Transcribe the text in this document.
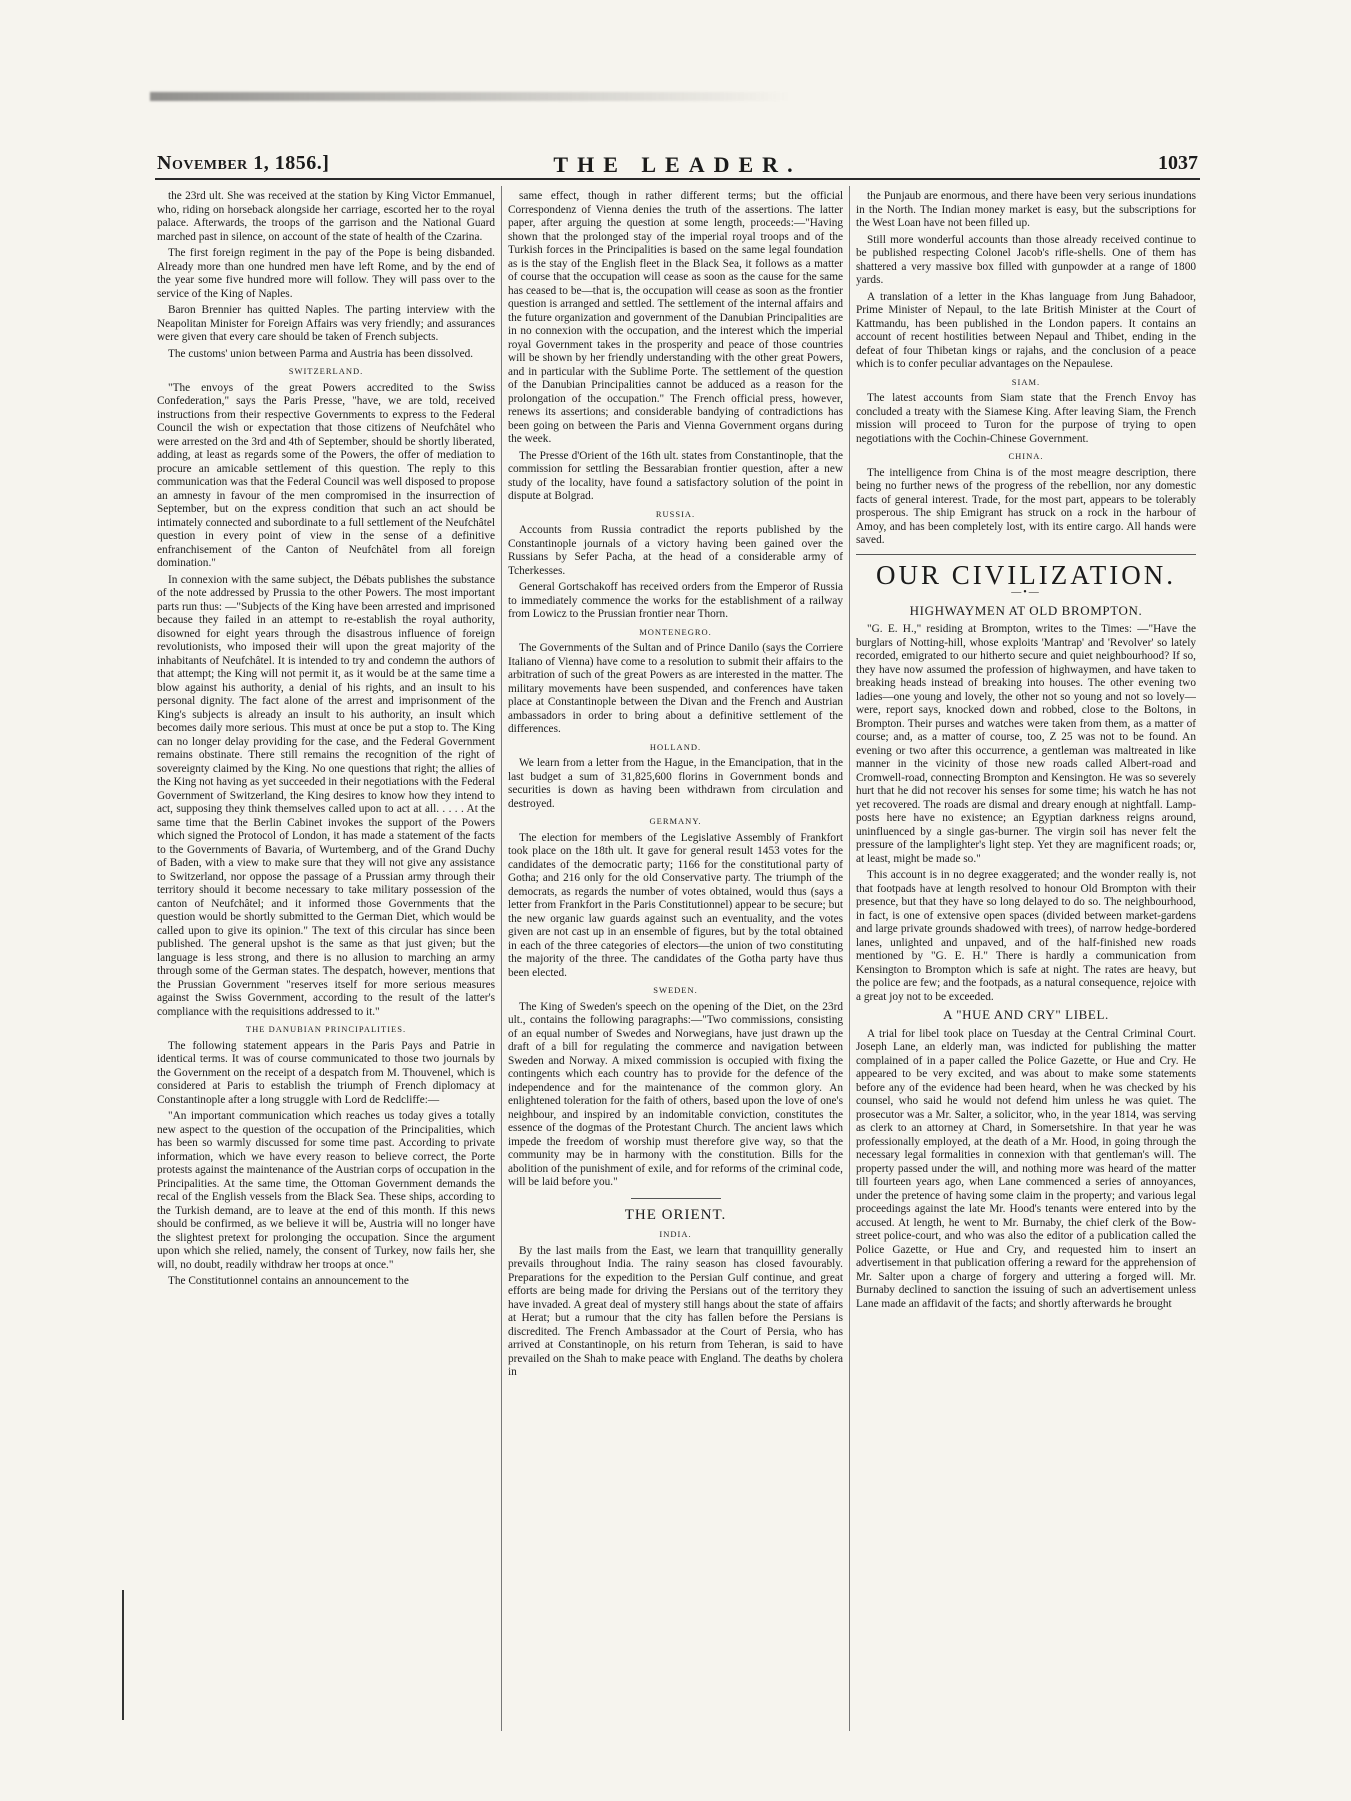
November 1, 1856.]	THE LEADER.	1037

the 23rd ult. She was received at the station by King Victor Emmanuel, who, riding on horseback alongside her carriage, escorted her to the royal palace. Afterwards, the troops of the garrison and the National Guard marched past in silence, on account of the state of health of the Czarina.

The first foreign regiment in the pay of the Pope is being disbanded. Already more than one hundred men have left Rome, and by the end of the year some five hundred more will follow. They will pass over to the service of the King of Naples.

Baron Brennier has quitted Naples. The parting interview with the Neapolitan Minister for Foreign Affairs was very friendly; and assurances were given that every care should be taken of French subjects.

The customs' union between Parma and Austria has been dissolved.

SWITZERLAND.

"The envoys of the great Powers accredited to the Swiss Confederation," says the Paris Presse, "have, we are told, received instructions from their respective Governments to express to the Federal Council the wish or expectation that those citizens of Neufchâtel who were arrested on the 3rd and 4th of September, should be shortly liberated, adding, at least as regards some of the Powers, the offer of mediation to procure an amicable settlement of this question. The reply to this communication was that the Federal Council was well disposed to propose an amnesty in favour of the men compromised in the insurrection of September, but on the express condition that such an act should be intimately connected and subordinate to a full settlement of the Neufchâtel question in every point of view in the sense of a definitive enfranchisement of the Canton of Neufchâtel from all foreign domination."

In connexion with the same subject, the Débats publishes the substance of the note addressed by Prussia to the other Powers. The most important parts run thus: —"Subjects of the King have been arrested and imprisoned because they failed in an attempt to re-establish the royal authority, disowned for eight years through the disastrous influence of foreign revolutionists, who imposed their will upon the great majority of the inhabitants of Neufchâtel. It is intended to try and condemn the authors of that attempt; the King will not permit it, as it would be at the same time a blow against his authority, a denial of his rights, and an insult to his personal dignity. The fact alone of the arrest and imprisonment of the King's subjects is already an insult to his authority, an insult which becomes daily more serious. This must at once be put a stop to. The King can no longer delay providing for the case, and the Federal Government remains obstinate. There still remains the recognition of the right of sovereignty claimed by the King. No one questions that right; the allies of the King not having as yet succeeded in their negotiations with the Federal Government of Switzerland, the King desires to know how they intend to act, supposing they think themselves called upon to act at all. . . . . At the same time that the Berlin Cabinet invokes the support of the Powers which signed the Protocol of London, it has made a statement of the facts to the Governments of Bavaria, of Wurtemberg, and of the Grand Duchy of Baden, with a view to make sure that they will not give any assistance to Switzerland, nor oppose the passage of a Prussian army through their territory should it become necessary to take military possession of the canton of Neufchâtel; and it informed those Governments that the question would be shortly submitted to the German Diet, which would be called upon to give its opinion." The text of this circular has since been published. The general upshot is the same as that just given; but the language is less strong, and there is no allusion to marching an army through some of the German states. The despatch, however, mentions that the Prussian Government "reserves itself for more serious measures against the Swiss Government, according to the result of the latter's compliance with the requisitions addressed to it."

THE DANUBIAN PRINCIPALITIES.

The following statement appears in the Paris Pays and Patrie in identical terms. It was of course communicated to those two journals by the Government on the receipt of a despatch from M. Thouvenel, which is considered at Paris to establish the triumph of French diplomacy at Constantinople after a long struggle with Lord de Redcliffe:—

"An important communication which reaches us today gives a totally new aspect to the question of the occupation of the Principalities, which has been so warmly discussed for some time past. According to private information, which we have every reason to believe correct, the Porte protests against the maintenance of the Austrian corps of occupation in the Principalities. At the same time, the Ottoman Government demands the recal of the English vessels from the Black Sea. These ships, according to the Turkish demand, are to leave at the end of this month. If this news should be confirmed, as we believe it will be, Austria will no longer have the slightest pretext for prolonging the occupation. Since the argument upon which she relied, namely, the consent of Turkey, now fails her, she will, no doubt, readily withdraw her troops at once."

The Constitutionnel contains an announcement to the

same effect, though in rather different terms; but the official Correspondenz of Vienna denies the truth of the assertions. The latter paper, after arguing the question at some length, proceeds:—"Having shown that the prolonged stay of the imperial royal troops and of the Turkish forces in the Principalities is based on the same legal foundation as is the stay of the English fleet in the Black Sea, it follows as a matter of course that the occupation will cease as soon as the cause for the same has ceased to be—that is, the occupation will cease as soon as the frontier question is arranged and settled. The settlement of the internal affairs and the future organization and government of the Danubian Principalities are in no connexion with the occupation, and the interest which the imperial royal Government takes in the prosperity and peace of those countries will be shown by her friendly understanding with the other great Powers, and in particular with the Sublime Porte. The settlement of the question of the Danubian Principalities cannot be adduced as a reason for the prolongation of the occupation." The French official press, however, renews its assertions; and considerable bandying of contradictions has been going on between the Paris and Vienna Government organs during the week.

The Presse d'Orient of the 16th ult. states from Constantinople, that the commission for settling the Bessarabian frontier question, after a new study of the locality, have found a satisfactory solution of the point in dispute at Bolgrad.

RUSSIA.

Accounts from Russia contradict the reports published by the Constantinople journals of a victory having been gained over the Russians by Sefer Pacha, at the head of a considerable army of Tcherkesses.

General Gortschakoff has received orders from the Emperor of Russia to immediately commence the works for the establishment of a railway from Lowicz to the Prussian frontier near Thorn.

MONTENEGRO.

The Governments of the Sultan and of Prince Danilo (says the Corriere Italiano of Vienna) have come to a resolution to submit their affairs to the arbitration of such of the great Powers as are interested in the matter. The military movements have been suspended, and conferences have taken place at Constantinople between the Divan and the French and Austrian ambassadors in order to bring about a definitive settlement of the differences.

HOLLAND.

We learn from a letter from the Hague, in the Emancipation, that in the last budget a sum of 31,825,600 florins in Government bonds and securities is down as having been withdrawn from circulation and destroyed.

GERMANY.

The election for members of the Legislative Assembly of Frankfort took place on the 18th ult. It gave for general result 1453 votes for the candidates of the democratic party; 1166 for the constitutional party of Gotha; and 216 only for the old Conservative party. The triumph of the democrats, as regards the number of votes obtained, would thus (says a letter from Frankfort in the Paris Constitutionnel) appear to be secure; but the new organic law guards against such an eventuality, and the votes given are not cast up in an ensemble of figures, but by the total obtained in each of the three categories of electors—the union of two constituting the majority of the three. The candidates of the Gotha party have thus been elected.

SWEDEN.

The King of Sweden's speech on the opening of the Diet, on the 23rd ult., contains the following paragraphs:—"Two commissions, consisting of an equal number of Swedes and Norwegians, have just drawn up the draft of a bill for regulating the commerce and navigation between Sweden and Norway. A mixed commission is occupied with fixing the contingents which each country has to provide for the defence of the independence and for the maintenance of the common glory. An enlightened toleration for the faith of others, based upon the love of one's neighbour, and inspired by an indomitable conviction, constitutes the essence of the dogmas of the Protestant Church. The ancient laws which impede the freedom of worship must therefore give way, so that the community may be in harmony with the constitution. Bills for the abolition of the punishment of exile, and for reforms of the criminal code, will be laid before you."

THE ORIENT.
INDIA.

By the last mails from the East, we learn that tranquillity generally prevails throughout India. The rainy season has closed favourably. Preparations for the expedition to the Persian Gulf continue, and great efforts are being made for driving the Persians out of the territory they have invaded. A great deal of mystery still hangs about the state of affairs at Herat; but a rumour that the city has fallen before the Persians is discredited. The French Ambassador at the Court of Persia, who has arrived at Constantinople, on his return from Teheran, is said to have prevailed on the Shah to make peace with England. The deaths by cholera in

the Punjaub are enormous, and there have been very serious inundations in the North. The Indian money market is easy, but the subscriptions for the West Loan have not been filled up.

Still more wonderful accounts than those already received continue to be published respecting Colonel Jacob's rifle-shells. One of them has shattered a very massive box filled with gunpowder at a range of 1800 yards.

A translation of a letter in the Khas language from Jung Bahadoor, Prime Minister of Nepaul, to the late British Minister at the Court of Kattmandu, has been published in the London papers. It contains an account of recent hostilities between Nepaul and Thibet, ending in the defeat of four Thibetan kings or rajahs, and the conclusion of a peace which is to confer peculiar advantages on the Nepaulese.

SIAM.

The latest accounts from Siam state that the French Envoy has concluded a treaty with the Siamese King. After leaving Siam, the French mission will proceed to Turon for the purpose of trying to open negotiations with the Cochin-Chinese Government.

CHINA.

The intelligence from China is of the most meagre description, there being no further news of the progress of the rebellion, nor any domestic facts of general interest. Trade, for the most part, appears to be tolerably prosperous. The ship Emigrant has struck on a rock in the harbour of Amoy, and has been completely lost, with its entire cargo. All hands were saved.

OUR CIVILIZATION.
—•—
HIGHWAYMEN AT OLD BROMPTON.

"G. E. H.," residing at Brompton, writes to the Times: —"Have the burglars of Notting-hill, whose exploits 'Mantrap' and 'Revolver' so lately recorded, emigrated to our hitherto secure and quiet neighbourhood? If so, they have now assumed the profession of highwaymen, and have taken to breaking heads instead of breaking into houses. The other evening two ladies—one young and lovely, the other not so young and not so lovely—were, report says, knocked down and robbed, close to the Boltons, in Brompton. Their purses and watches were taken from them, as a matter of course; and, as a matter of course, too, Z 25 was not to be found. An evening or two after this occurrence, a gentleman was maltreated in like manner in the vicinity of those new roads called Albert-road and Cromwell-road, connecting Brompton and Kensington. He was so severely hurt that he did not recover his senses for some time; his watch he has not yet recovered. The roads are dismal and dreary enough at nightfall. Lamp-posts here have no existence; an Egyptian darkness reigns around, uninfluenced by a single gas-burner. The virgin soil has never felt the pressure of the lamplighter's light step. Yet they are magnificent roads; or, at least, might be made so."

This account is in no degree exaggerated; and the wonder really is, not that footpads have at length resolved to honour Old Brompton with their presence, but that they have so long delayed to do so. The neighbourhood, in fact, is one of extensive open spaces (divided between market-gardens and large private grounds shadowed with trees), of narrow hedge-bordered lanes, unlighted and unpaved, and of the half-finished new roads mentioned by "G. E. H." There is hardly a communication from Kensington to Brompton which is safe at night. The rates are heavy, but the police are few; and the footpads, as a natural consequence, rejoice with a great joy not to be exceeded.

A "HUE AND CRY" LIBEL.

A trial for libel took place on Tuesday at the Central Criminal Court. Joseph Lane, an elderly man, was indicted for publishing the matter complained of in a paper called the Police Gazette, or Hue and Cry. He appeared to be very excited, and was about to make some statements before any of the evidence had been heard, when he was checked by his counsel, who said he would not defend him unless he was quiet. The prosecutor was a Mr. Salter, a solicitor, who, in the year 1814, was serving as clerk to an attorney at Chard, in Somersetshire. In that year he was professionally employed, at the death of a Mr. Hood, in going through the necessary legal formalities in connexion with that gentleman's will. The property passed under the will, and nothing more was heard of the matter till fourteen years ago, when Lane commenced a series of annoyances, under the pretence of having some claim in the property; and various legal proceedings against the late Mr. Hood's tenants were entered into by the accused. At length, he went to Mr. Burnaby, the chief clerk of the Bow-street police-court, and who was also the editor of a publication called the Police Gazette, or Hue and Cry, and requested him to insert an advertisement in that publication offering a reward for the apprehension of Mr. Salter upon a charge of forgery and uttering a forged will. Mr. Burnaby declined to sanction the issuing of such an advertisement unless Lane made an affidavit of the facts; and shortly afterwards he brought
